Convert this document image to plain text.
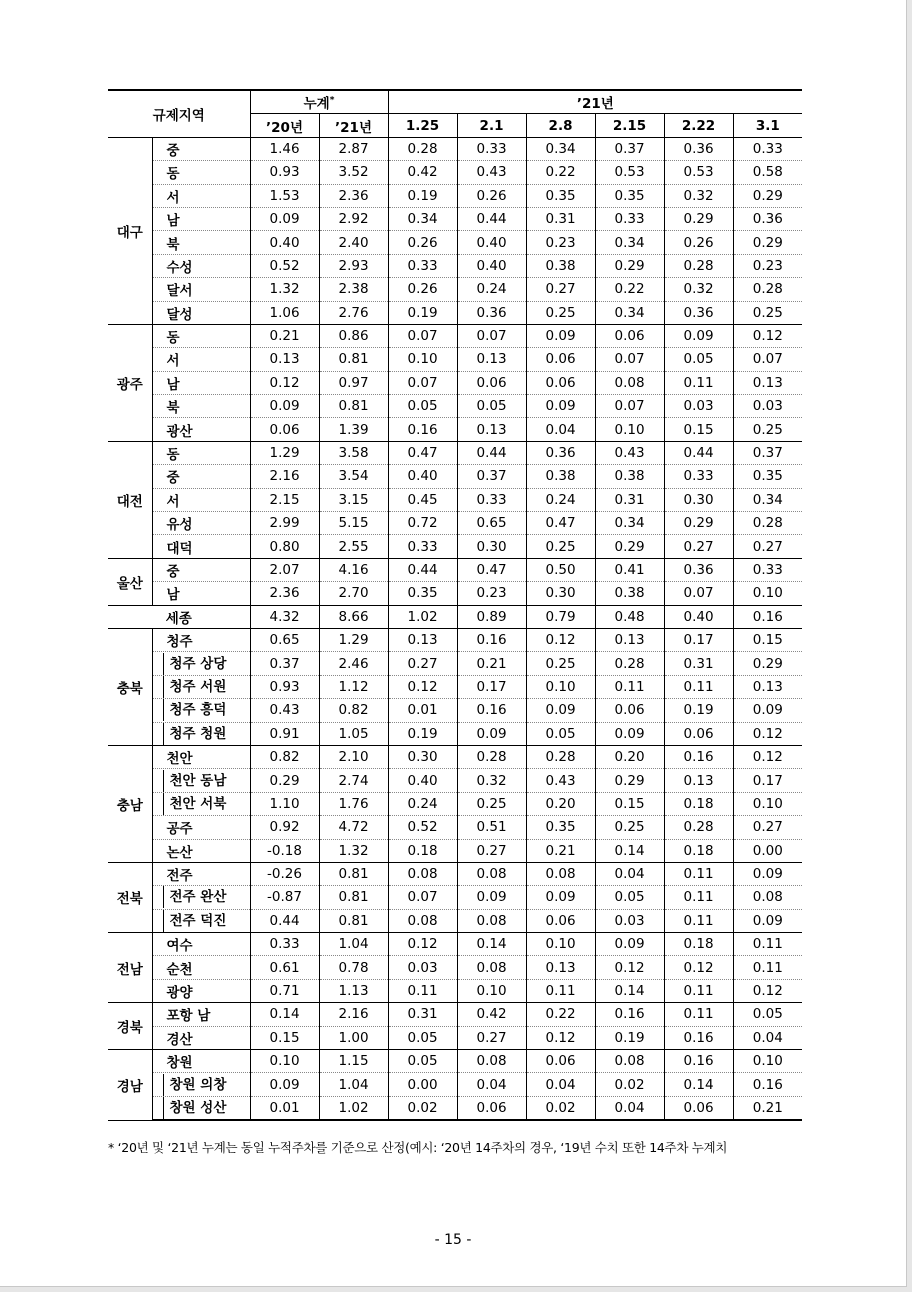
규제지역		누계*		’21년					
		’20년	’21년	1.25	2.1	2.8	2.15	2.22	3.1
대구	중	1.46	2.87	0.28	0.33	0.34	0.37	0.36	0.33
	동	0.93	3.52	0.42	0.43	0.22	0.53	0.53	0.58
	서	1.53	2.36	0.19	0.26	0.35	0.35	0.32	0.29
	남	0.09	2.92	0.34	0.44	0.31	0.33	0.29	0.36
	북	0.40	2.40	0.26	0.40	0.23	0.34	0.26	0.29
	수성	0.52	2.93	0.33	0.40	0.38	0.29	0.28	0.23
	달서	1.32	2.38	0.26	0.24	0.27	0.22	0.32	0.28
	달성	1.06	2.76	0.19	0.36	0.25	0.34	0.36	0.25
광주	동	0.21	0.86	0.07	0.07	0.09	0.06	0.09	0.12
	서	0.13	0.81	0.10	0.13	0.06	0.07	0.05	0.07
	남	0.12	0.97	0.07	0.06	0.06	0.08	0.11	0.13
	북	0.09	0.81	0.05	0.05	0.09	0.07	0.03	0.03
	광산	0.06	1.39	0.16	0.13	0.04	0.10	0.15	0.25
대전	동	1.29	3.58	0.47	0.44	0.36	0.43	0.44	0.37
	중	2.16	3.54	0.40	0.37	0.38	0.38	0.33	0.35
	서	2.15	3.15	0.45	0.33	0.24	0.31	0.30	0.34
	유성	2.99	5.15	0.72	0.65	0.47	0.34	0.29	0.28
	대덕	0.80	2.55	0.33	0.30	0.25	0.29	0.27	0.27
울산	중	2.07	4.16	0.44	0.47	0.50	0.41	0.36	0.33
	남	2.36	2.70	0.35	0.23	0.30	0.38	0.07	0.10
세종		4.32	8.66	1.02	0.89	0.79	0.48	0.40	0.16
충북	청주	0.65	1.29	0.13	0.16	0.12	0.13	0.17	0.15
	청주 상당	0.37	2.46	0.27	0.21	0.25	0.28	0.31	0.29
	청주 서원	0.93	1.12	0.12	0.17	0.10	0.11	0.11	0.13
	청주 흥덕	0.43	0.82	0.01	0.16	0.09	0.06	0.19	0.09
	청주 청원	0.91	1.05	0.19	0.09	0.05	0.09	0.06	0.12
충남	천안	0.82	2.10	0.30	0.28	0.28	0.20	0.16	0.12
	천안 동남	0.29	2.74	0.40	0.32	0.43	0.29	0.13	0.17
	천안 서북	1.10	1.76	0.24	0.25	0.20	0.15	0.18	0.10
	공주	0.92	4.72	0.52	0.51	0.35	0.25	0.28	0.27
	논산	-0.18	1.32	0.18	0.27	0.21	0.14	0.18	0.00
전북	전주	-0.26	0.81	0.08	0.08	0.08	0.04	0.11	0.09
	전주 완산	-0.87	0.81	0.07	0.09	0.09	0.05	0.11	0.08
	전주 덕진	0.44	0.81	0.08	0.08	0.06	0.03	0.11	0.09
전남	여수	0.33	1.04	0.12	0.14	0.10	0.09	0.18	0.11
	순천	0.61	0.78	0.03	0.08	0.13	0.12	0.12	0.11
	광양	0.71	1.13	0.11	0.10	0.11	0.14	0.11	0.12
경북	포항 남	0.14	2.16	0.31	0.42	0.22	0.16	0.11	0.05
	경산	0.15	1.00	0.05	0.27	0.12	0.19	0.16	0.04
경남	창원	0.10	1.15	0.05	0.08	0.06	0.08	0.16	0.10
	창원 의창	0.09	1.04	0.00	0.04	0.04	0.02	0.14	0.16
	창원 성산	0.01	1.02	0.02	0.06	0.02	0.04	0.06	0.21
* ‘20년 및 ‘21년 누계는 동일 누적주차를 기준으로 산정(예시: ‘20년 14주차의 경우, ‘19년 수치 또한 14주차 누계치
- 15 -
